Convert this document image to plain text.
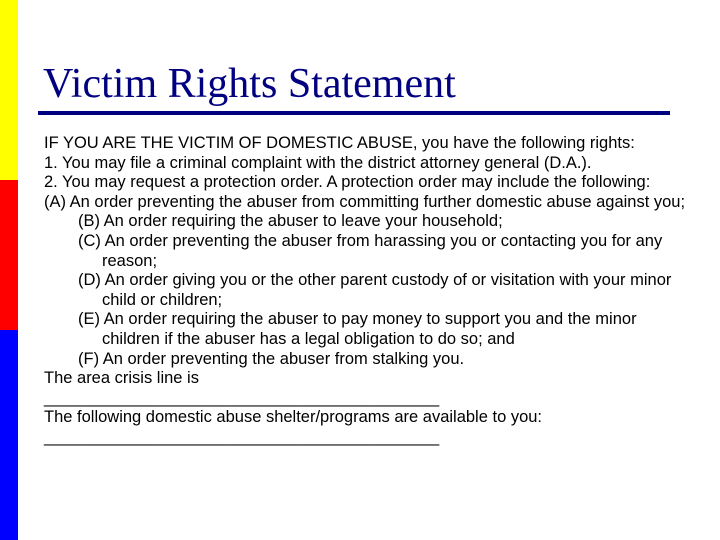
Victim Rights Statement
IF YOU ARE THE VICTIM OF DOMESTIC ABUSE, you have the following rights:
1. You may file a criminal complaint with the district attorney general (D.A.).
2. You may request a protection order. A protection order may include the following:
(A) An order preventing the abuser from committing further domestic abuse against you;
(B) An order requiring the abuser to leave your household;
(C) An order preventing the abuser from harassing you or contacting you for any reason;
(D) An order giving you or the other parent custody of or visitation with your minor child or children;
(E) An order requiring the abuser to pay money to support you and the minor children if the abuser has a legal obligation to do so; and
(F) An order preventing the abuser from stalking you.
The area crisis line is
____________________________________________
The following domestic abuse shelter/programs are available to you:
____________________________________________
